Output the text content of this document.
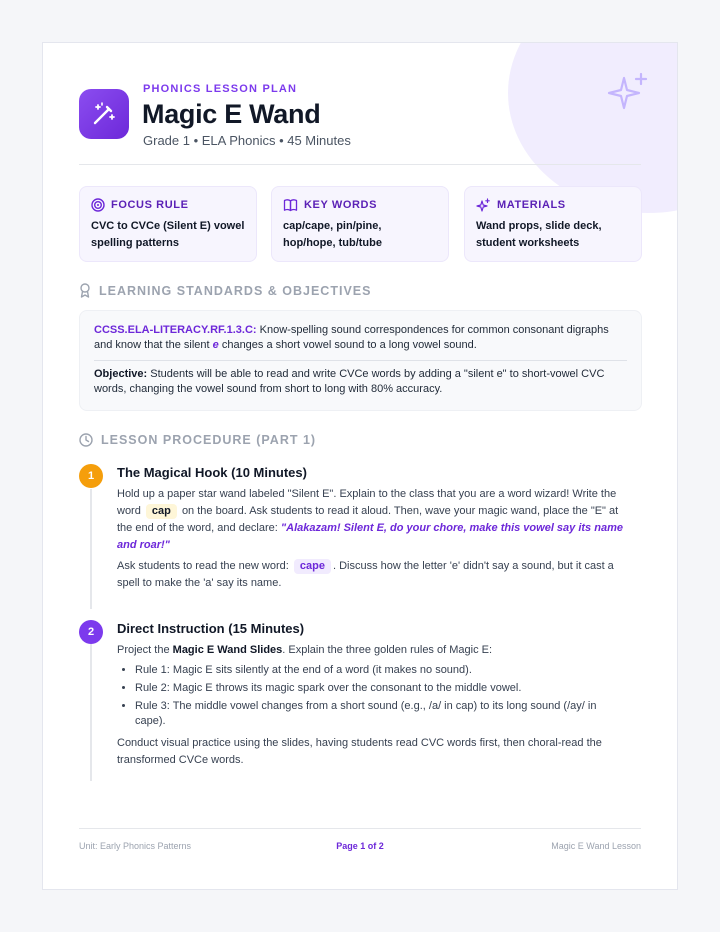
PHONICS LESSON PLAN
Magic E Wand
Grade 1 • ELA Phonics • 45 Minutes
FOCUS RULE
CVC to CVCe (Silent E) vowel spelling patterns
KEY WORDS
cap/cape, pin/pine, hop/hope, tub/tube
MATERIALS
Wand props, slide deck, student worksheets
LEARNING STANDARDS & OBJECTIVES
CCSS.ELA-LITERACY.RF.1.3.C: Know-spelling sound correspondences for common consonant digraphs and know that the silent e changes a short vowel sound to a long vowel sound.
Objective: Students will be able to read and write CVCe words by adding a "silent e" to short-vowel CVC words, changing the vowel sound from short to long with 80% accuracy.
LESSON PROCEDURE (PART 1)
1	The Magical Hook (10 Minutes)

Hold up a paper star wand labeled "Silent E". Explain to the class that you are a word wizard! Write the word cap on the board. Ask students to read it aloud. Then, wave your magic wand, place the "E" at the end of the word, and declare: "Alakazam! Silent E, do your chore, make this vowel say its name and roar!"

Ask students to read the new word: cape . Discuss how the letter 'e' didn't say a sound, but it cast a spell to make the 'a' say its name.

2	Direct Instruction (15 Minutes)

Project the Magic E Wand Slides. Explain the three golden rules of Magic E:

• Rule 1: Magic E sits silently at the end of a word (it makes no sound).
• Rule 2: Magic E throws its magic spark over the consonant to the middle vowel.
• Rule 3: The middle vowel changes from a short sound (e.g., /a/ in cap) to its long sound (/ay/ in cape).

Conduct visual practice using the slides, having students read CVC words first, then choral-read the transformed CVCe words.

Unit: Early Phonics Patterns	Page 1 of 2	Magic E Wand Lesson
